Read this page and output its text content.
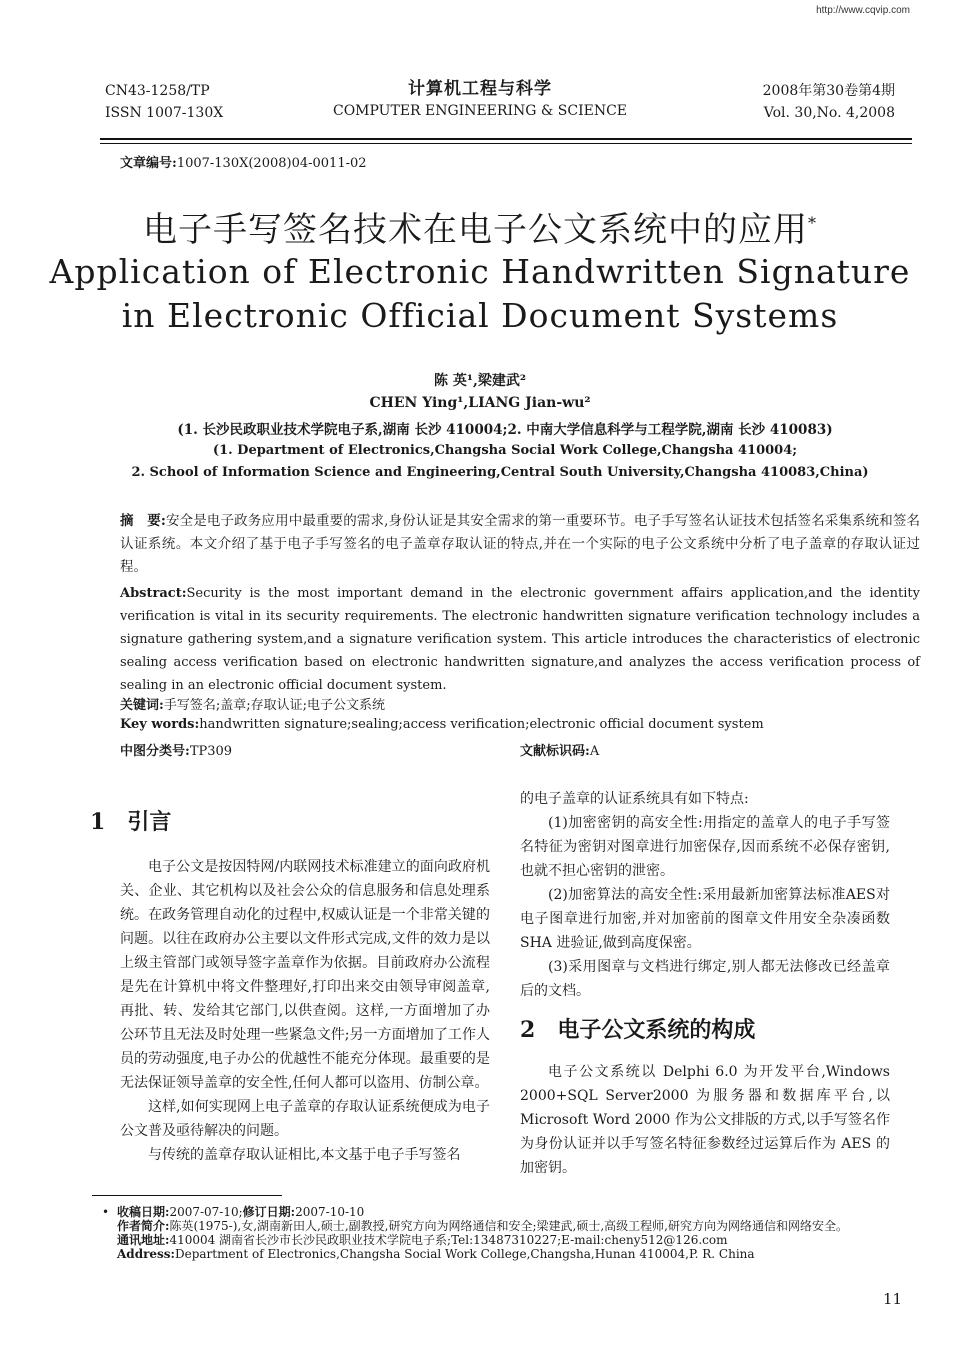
http://www.cqvip.com
CN43-1258/TP
ISSN 1007-130X
计算机工程与科学
COMPUTER ENGINEERING & SCIENCE
2008年第30卷第4期
Vol. 30,No. 4,2008
文章编号:1007-130X(2008)04-0011-02
电子手写签名技术在电子公文系统中的应用*
Application of Electronic Handwritten Signature
in Electronic Official Document Systems
陈 英¹,梁建武²
CHEN Ying¹,LIANG Jian-wu²
(1. 长沙民政职业技术学院电子系,湖南 长沙 410004;2. 中南大学信息科学与工程学院,湖南 长沙 410083)
(1. Department of Electronics,Changsha Social Work College,Changsha 410004;
2. School of Information Science and Engineering,Central South University,Changsha 410083,China)
摘　要:安全是电子政务应用中最重要的需求,身份认证是其安全需求的第一重要环节。电子手写签名认证技术包括签名采集系统和签名认证系统。本文介绍了基于电子手写签名的电子盖章存取认证的特点,并在一个实际的电子公文系统中分析了电子盖章的存取认证过程。
Abstract:Security is the most important demand in the electronic government affairs application,and the identity verification is vital in its security requirements. The electronic handwritten signature verification technology includes a signature gathering system,and a signature verification system. This article introduces the characteristics of electronic sealing access verification based on electronic handwritten signature,and analyzes the access verification process of sealing in an electronic official document system.
关键词:手写签名;盖章;存取认证;电子公文系统
Key words:handwritten signature;sealing;access verification;electronic official document system
中图分类号:TP309	文献标识码:A
1 引言

电子公文是按因特网/内联网技术标准建立的面向政府机关、企业、其它机构以及社会公众的信息服务和信息处理系统。在政务管理自动化的过程中,权威认证是一个非常关键的问题。以往在政府办公主要以文件形式完成,文件的效力是以上级主管部门或领导签字盖章作为依据。目前政府办公流程是先在计算机中将文件整理好,打印出来交由领导审阅盖章,再批、转、发给其它部门,以供查阅。这样,一方面增加了办公环节且无法及时处理一些紧急文件;另一方面增加了工作人员的劳动强度,电子办公的优越性不能充分体现。最重要的是无法保证领导盖章的安全性,任何人都可以盗用、仿制公章。

这样,如何实现网上电子盖章的存取认证系统便成为电子公文普及亟待解决的问题。

与传统的盖章存取认证相比,本文基于电子手写签名

的电子盖章的认证系统具有如下特点:

(1)加密密钥的高安全性:用指定的盖章人的电子手写签名特征为密钥对图章进行加密保存,因而系统不必保存密钥,也就不担心密钥的泄密。

(2)加密算法的高安全性:采用最新加密算法标准AES对电子图章进行加密,并对加密前的图章文件用安全杂凑函数 SHA 进验证,做到高度保密。

(3)采用图章与文档进行绑定,别人都无法修改已经盖章后的文档。

2 电子公文系统的构成

电子公文系统以 Delphi 6.0 为开发平台,Windows 2000+SQL Server2000 为服务器和数据库平台,以 Microsoft Word 2000 作为公文排版的方式,以手写签名作为身份认证并以手写签名特征参数经过运算后作为 AES 的加密钥。

• 收稿日期:2007-07-10;修订日期:2007-10-10
作者简介:陈英(1975-),女,湖南新田人,硕士,副教授,研究方向为网络通信和安全;梁建武,硕士,高级工程师,研究方向为网络通信和网络安全。
通讯地址:410004 湖南省长沙市长沙民政职业技术学院电子系;Tel:13487310227;E-mail:cheny512@126.com
Address:Department of Electronics,Changsha Social Work College,Changsha,Hunan 410004,P. R. China
11
